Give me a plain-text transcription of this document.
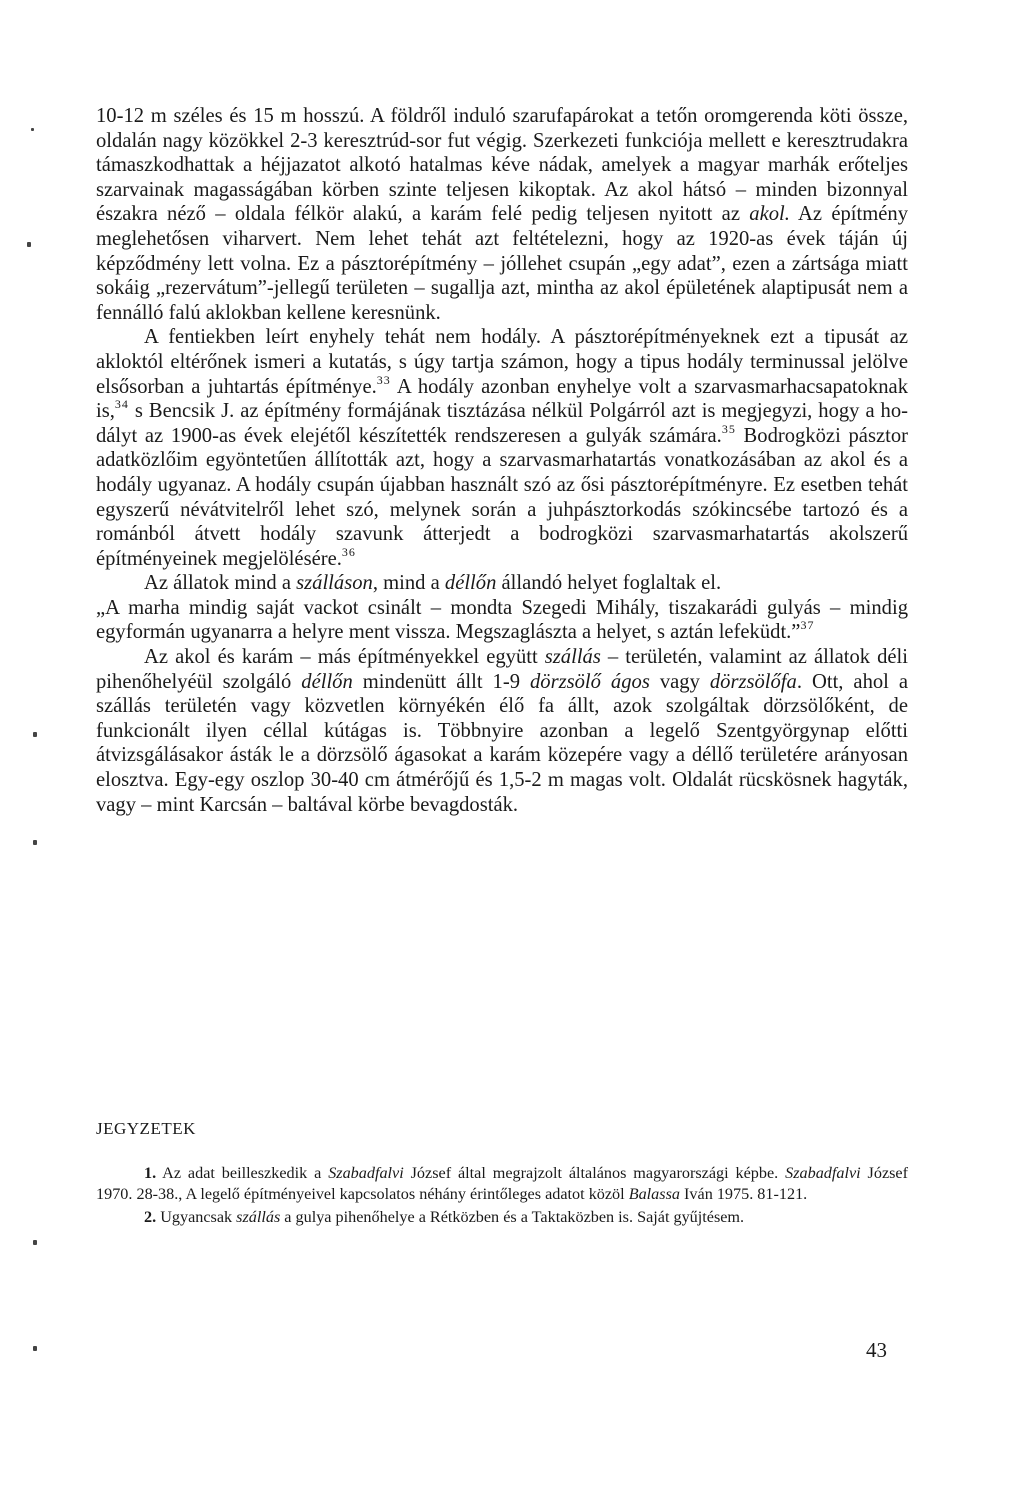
10-12 m széles és 15 m hosszú. A földről induló szarufapárokat a tetőn oromgerenda köti össze, oldalán nagy közökkel 2-3 keresztrúd-sor fut végig. Szerkezeti funkciója mellett e keresztrudakra támaszkodhattak a héjjazatot alkotó hatalmas kéve nádak, amelyek a magyar marhák erőteljes szarvainak magasságában körben szinte teljesen kikoptak. Az akol hátsó – minden bizonnyal északra néző – oldala félkör alakú, a karám felé pedig teljesen nyitott az akol. Az építmény meglehetősen viharvert. Nem lehet tehát azt feltételezni, hogy az 1920-as évek táján új képződmény lett volna. Ez a pásztorépítmény – jóllehet csupán „egy adat”, ezen a zártsága miatt sokáig „rezervátum”-jellegű területen – sugallja azt, mintha az akol épületének alaptipusát nem a fennálló falú aklokban kellene keresnünk.

A fentiekben leírt enyhely tehát nem hodály. A pásztorépítményeknek ezt a tipusát az akloktól eltérőnek ismeri a kutatás, s úgy tartja számon, hogy a tipus hodály terminussal jelölve elsősorban a juhtartás építménye.$^{33}$ A hodály azonban enyhelye volt a szarvasmarhacsapatoknak is,$^{34}$ s Bencsik J. az építmény formájának tisztázása nélkül Polgárról azt is megjegyzi, hogy a hodályt az 1900-as évek elejétől készítették rendszeresen a gulyák számára.$^{35}$ Bodrogközi pásztor adatközlőim egyöntetűen állították azt, hogy a szarvasmarhatartás vonatkozásában az akol és a hodály ugyanaz. A hodály csupán újabban használt szó az ősi pásztorépítményre. Ez esetben tehát egyszerű névátvitelről lehet szó, melynek során a juhpásztorkodás szókincsébe tartozó és a románból átvett hodály szavunk átterjedt a bodrogközi szarvasmarhatartás akolszerű építményeinek megjelölésére.$^{36}$

Az állatok mind a szálláson, mind a déllőn állandó helyet foglaltak el.

„A marha mindig saját vackot csinált – mondta Szegedi Mihály, tiszakarádi gulyás – mindig egyformán ugyanarra a helyre ment vissza. Megszaglászta a helyet, s aztán lefeküdt.”$^{37}$

Az akol és karám – más építményekkel együtt szállás – területén, valamint az állatok déli pihenőhelyéül szolgáló déllőn mindenütt állt 1-9 dörzsölő ágos vagy dörzsölőfa. Ott, ahol a szállás területén vagy közvetlen környékén élő fa állt, azok szolgáltak dörzsölőként, de funkcionált ilyen céllal kútágas is. Többnyire azonban a legelő Szentgyörgynap előtti átvizsgálásakor ásták le a dörzsölő ágasokat a karám közepére vagy a déllő területére arányosan elosztva. Egy-egy oszlop 30-40 cm átmérőjű és 1,5-2 m magas volt. Oldalát rücskösnek hagyták, vagy – mint Karcsán – baltával körbe bevagdosták.

JEGYZETEK

1. Az adat beilleszkedik a Szabadfalvi József által megrajzolt általános magyarországi képbe. Szabadfalvi József 1970. 28-38., A legelő építményeivel kapcsolatos néhány érintőleges adatot közöl Balassa Iván 1975. 81-121.

2. Ugyancsak szállás a gulya pihenőhelye a Rétközben és a Taktaközben is. Saját gyűjtésem.

43
